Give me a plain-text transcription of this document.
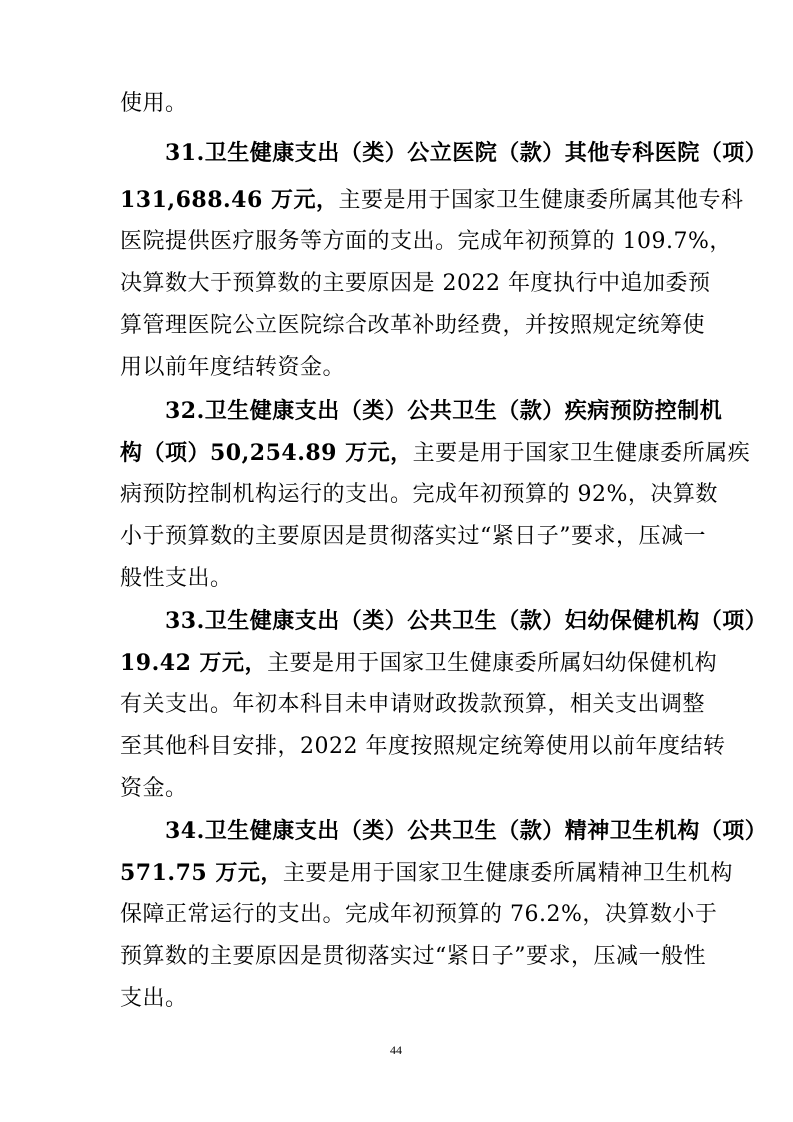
使用。
31.卫生健康支出（类）公立医院（款）其他专科医院（项）
131,688.46 万元，主要是用于国家卫生健康委所属其他专科
医院提供医疗服务等方面的支出。完成年初预算的 109.7%，
决算数大于预算数的主要原因是 2022 年度执行中追加委预
算管理医院公立医院综合改革补助经费，并按照规定统筹使
用以前年度结转资金。
32.卫生健康支出（类）公共卫生（款）疾病预防控制机
构（项）50,254.89 万元，主要是用于国家卫生健康委所属疾
病预防控制机构运行的支出。完成年初预算的 92%，决算数
小于预算数的主要原因是贯彻落实过“紧日子”要求，压减一
般性支出。
33.卫生健康支出（类）公共卫生（款）妇幼保健机构（项）
19.42 万元，主要是用于国家卫生健康委所属妇幼保健机构
有关支出。年初本科目未申请财政拨款预算，相关支出调整
至其他科目安排，2022 年度按照规定统筹使用以前年度结转
资金。
34.卫生健康支出（类）公共卫生（款）精神卫生机构（项）
571.75 万元，主要是用于国家卫生健康委所属精神卫生机构
保障正常运行的支出。完成年初预算的 76.2%，决算数小于
预算数的主要原因是贯彻落实过“紧日子”要求，压减一般性
支出。
44
